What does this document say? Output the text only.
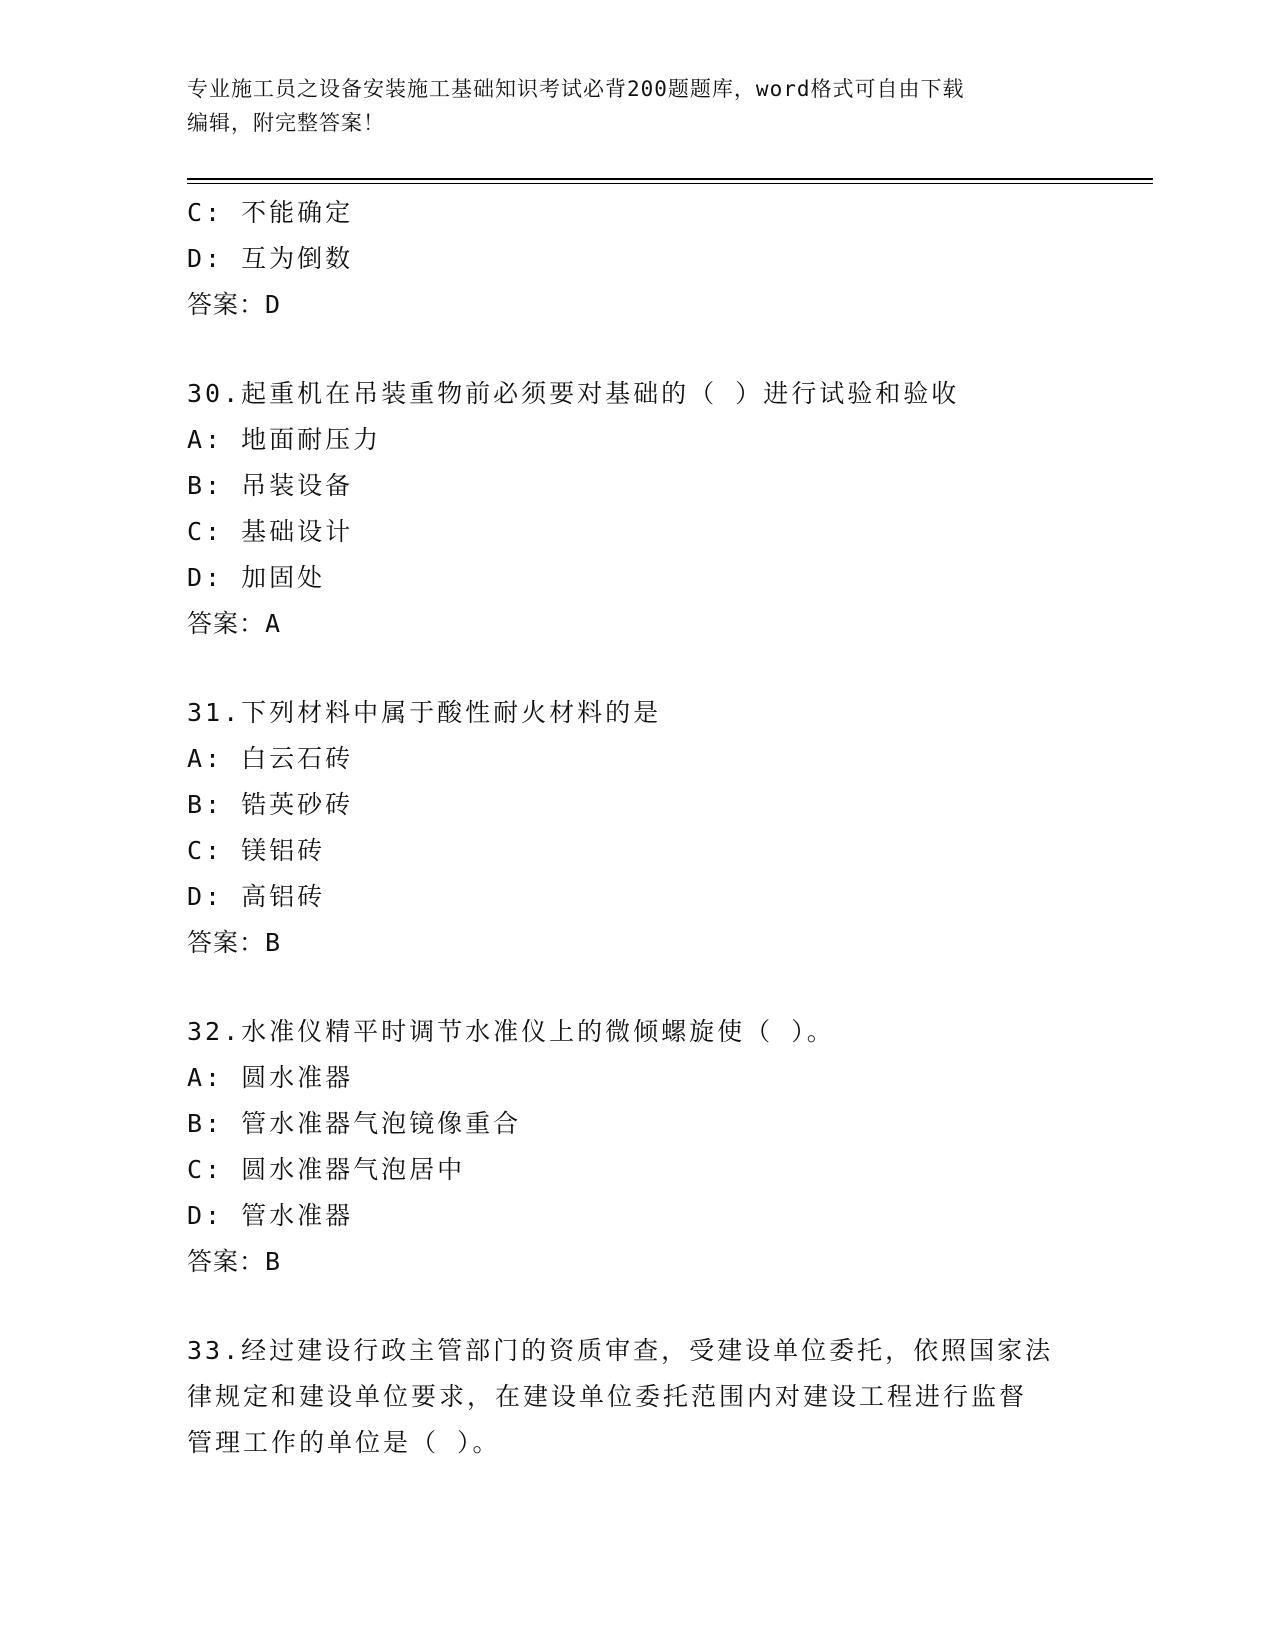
专业施工员之设备安装施工基础知识考试必背200题题库，word格式可自由下载
编辑，附完整答案！
C: 不能确定
D: 互为倒数
答案：D
30.起重机在吊装重物前必须要对基础的（ ）进行试验和验收
A: 地面耐压力
B: 吊装设备
C: 基础设计
D: 加固处
答案：A
31.下列材料中属于酸性耐火材料的是
A: 白云石砖
B: 锆英砂砖
C: 镁铝砖
D: 高铝砖
答案：B
32.水准仪精平时调节水准仪上的微倾螺旋使（ ）。
A: 圆水准器
B: 管水准器气泡镜像重合
C: 圆水准器气泡居中
D: 管水准器
答案：B
33.经过建设行政主管部门的资质审查，受建设单位委托，依照国家法
律规定和建设单位要求，在建设单位委托范围内对建设工程进行监督
管理工作的单位是（ ）。
